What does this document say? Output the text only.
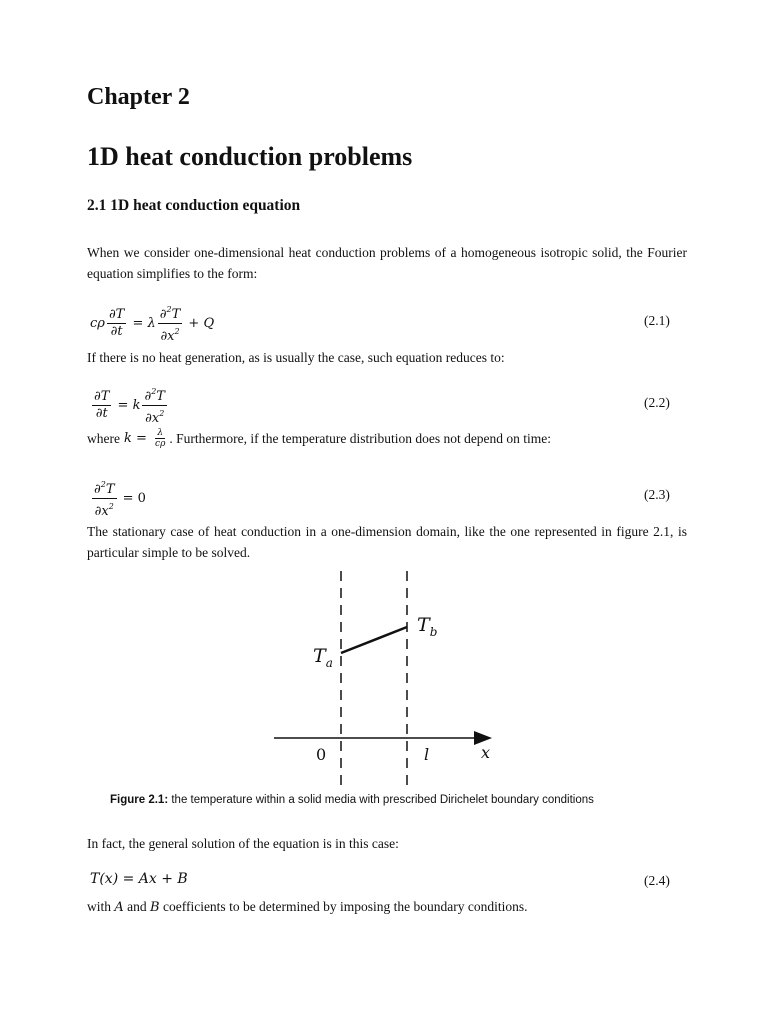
Chapter 2
1D heat conduction problems
2.1 1D heat conduction equation
When we consider one-dimensional heat conduction problems of a homogeneous isotropic solid, the Fourier equation simplifies to the form:
cρ $\frac{\partial T}{\partial t} = \lambda \frac{\partial^2T}{\partial x^2} + Q$	(2.1)
If there is no heat generation, as is usually the case, such equation reduces to:
$\frac{\partial T}{\partial t} = k \frac{\partial^2T}{\partial x^2}$	(2.2)
where $k = \frac{\lambda}{c\rho}$ . Furthermore, if the temperature distribution does not depend on time:
$\frac{\partial^2T}{\partial x^2} = 0$	(2.3)
The stationary case of heat conduction in a one-dimension domain, like the one represented in figure 2.1, is particular simple to be solved.
$T_a$
$T_b$
0	l	x
Figure 2.1: the temperature within a solid media with prescribed Dirichelet boundary conditions
In fact, the general solution of the equation is in this case:
T(x) = Ax + B	(2.4)
with A and B coefficients to be determined by imposing the boundary conditions.
